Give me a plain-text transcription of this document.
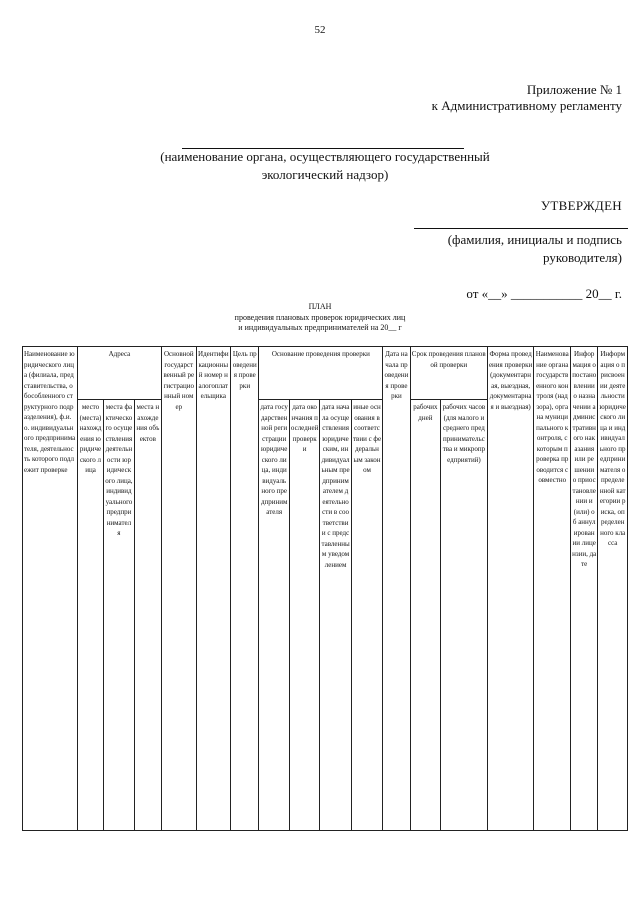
52
Приложение № 1
к Административному регламенту
(наименование органа, осуществляющего государственный экологический надзор)
УТВЕРЖДЕН
(фамилия, инициалы и подпись руководителя)
от «__» ___________ 20__ г.
ПЛАН
проведения плановых проверок юридических лиц
и индивидуальных предпринимателей на 20__ г
Наименование юридического лица (филиала, представительства, обособленного структурного подразделения), ф.и.о. индивидуального предпринимателя, деятельность которого подлежит проверке	Адреса			Основной государственный регистрационный номер	Идентификационный номер налогоплательщика	Цель проведения проверки	Основание проведения проверки				Дата начала проведения проверки	Срок проведения плановой проверки		Форма проведения проверки (документарная, выездная, документарная и выездная)	Наименование органа государственного контроля (надзора), органа муниципального контроля, с которым проверка проводится совместно	Информация о постановлении о назначении административного наказания или решении о приостановлении и (или) об аннулировании лицензии, дате	Информация о присвоении деятельности юридического лица и индивидуального предпринимателя определенной категории риска, определенного класса
	место (места) нахождения юридического лица	места фактического осуществления деятельности юридического лица, индивидуального предпринимателя	места нахождения объектов				дата государственной регистрации юридического лица, индивидуального предпринимателя	дата окончания последней проверки	дата начала осуществления юридическим, индивидуальным предпринимателем деятельности в соответствии с представленным уведомлением	иные основания в соответствии с федеральным законом		рабочих дней	рабочих часов (для малого и среднего предпринимательства и микропредприятий)				
